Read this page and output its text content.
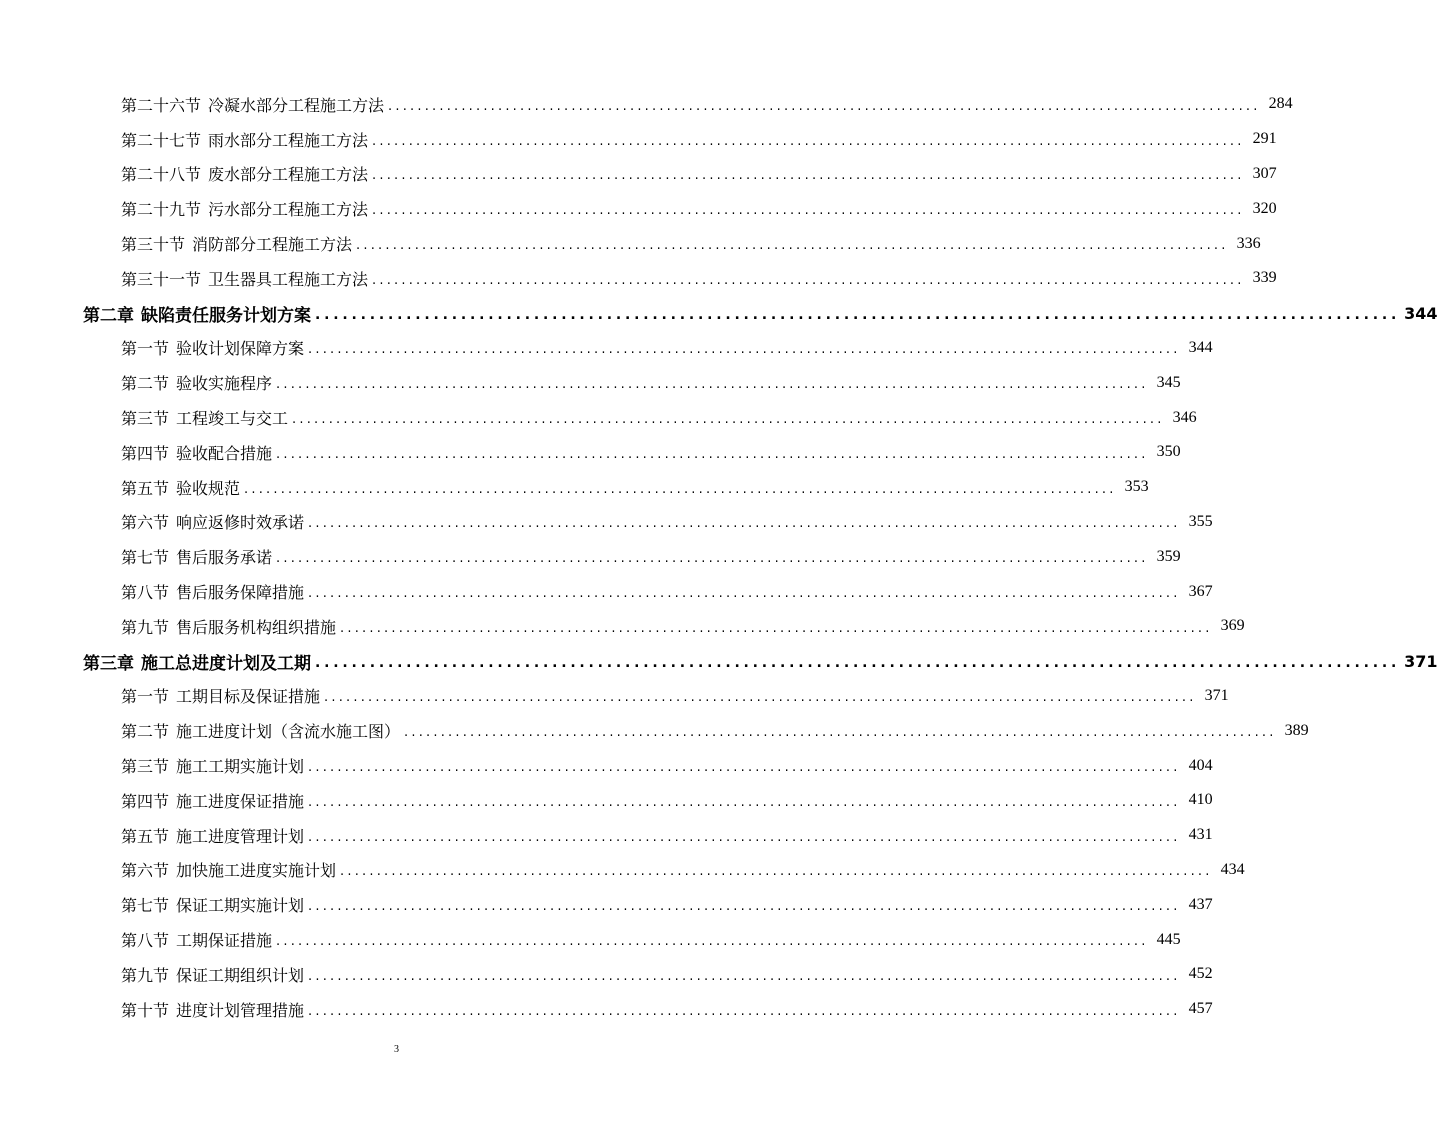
第二十六节 冷凝水部分工程施工方法 ....................................................................................................................... 284
第二十七节 雨水部分工程施工方法 ....................................................................................................................... 291
第二十八节 废水部分工程施工方法 ....................................................................................................................... 307
第二十九节 污水部分工程施工方法 ....................................................................................................................... 320
第三十节 消防部分工程施工方法 ....................................................................................................................... 336
第三十一节 卫生器具工程施工方法 ....................................................................................................................... 339
第二章 缺陷责任服务计划方案 ....................................................................................................................... 344
第一节 验收计划保障方案 ....................................................................................................................... 344
第二节 验收实施程序 ....................................................................................................................... 345
第三节 工程竣工与交工 ....................................................................................................................... 346
第四节 验收配合措施 ....................................................................................................................... 350
第五节 验收规范 ....................................................................................................................... 353
第六节 响应返修时效承诺 ....................................................................................................................... 355
第七节 售后服务承诺 ....................................................................................................................... 359
第八节 售后服务保障措施 ....................................................................................................................... 367
第九节 售后服务机构组织措施 ....................................................................................................................... 369
第三章 施工总进度计划及工期 ....................................................................................................................... 371
第一节 工期目标及保证措施 ....................................................................................................................... 371
第二节 施工进度计划（含流水施工图） ....................................................................................................................... 389
第三节 施工工期实施计划 ....................................................................................................................... 404
第四节 施工进度保证措施 ....................................................................................................................... 410
第五节 施工进度管理计划 ....................................................................................................................... 431
第六节 加快施工进度实施计划 ....................................................................................................................... 434
第七节 保证工期实施计划 ....................................................................................................................... 437
第八节 工期保证措施 ....................................................................................................................... 445
第九节 保证工期组织计划 ....................................................................................................................... 452
第十节 进度计划管理措施 ....................................................................................................................... 457
3
